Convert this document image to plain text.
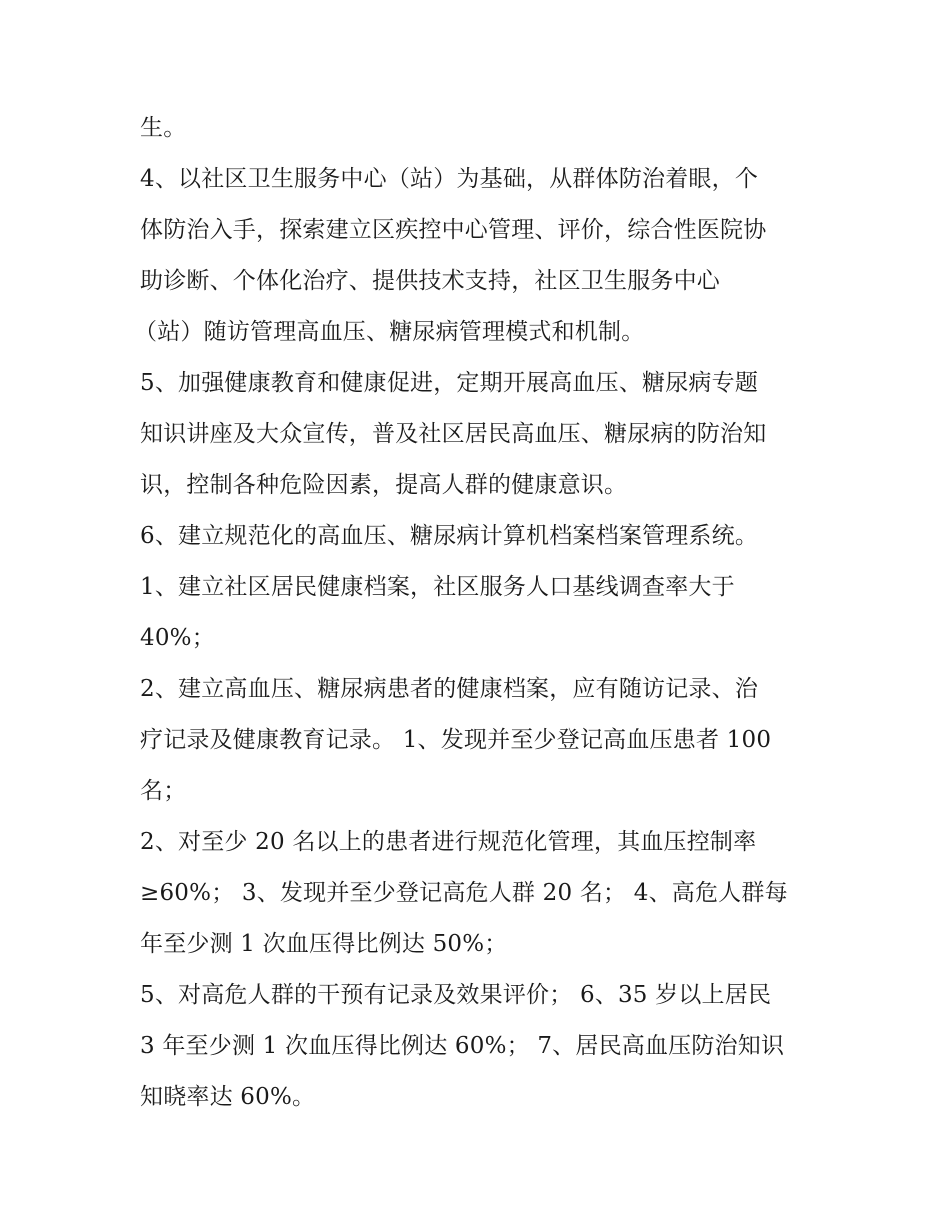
生。
4、以社区卫生服务中心（站）为基础，从群体防治着眼，个
体防治入手，探索建立区疾控中心管理、评价，综合性医院协
助诊断、个体化治疗、提供技术支持，社区卫生服务中心
（站）随访管理高血压、糖尿病管理模式和机制。
5、加强健康教育和健康促进，定期开展高血压、糖尿病专题
知识讲座及大众宣传，普及社区居民高血压、糖尿病的防治知
识，控制各种危险因素，提高人群的健康意识。
6、建立规范化的高血压、糖尿病计算机档案档案管理系统。
1、建立社区居民健康档案，社区服务人口基线调查率大于
40%；
2、建立高血压、糖尿病患者的健康档案，应有随访记录、治
疗记录及健康教育记录。 1、发现并至少登记高血压患者 100
名；
2、对至少 20 名以上的患者进行规范化管理，其血压控制率
≥60%； 3、发现并至少登记高危人群 20 名； 4、高危人群每
年至少测 1 次血压得比例达 50%；
5、对高危人群的干预有记录及效果评价； 6、35 岁以上居民
3 年至少测 1 次血压得比例达 60%； 7、居民高血压防治知识
知晓率达 60%。
